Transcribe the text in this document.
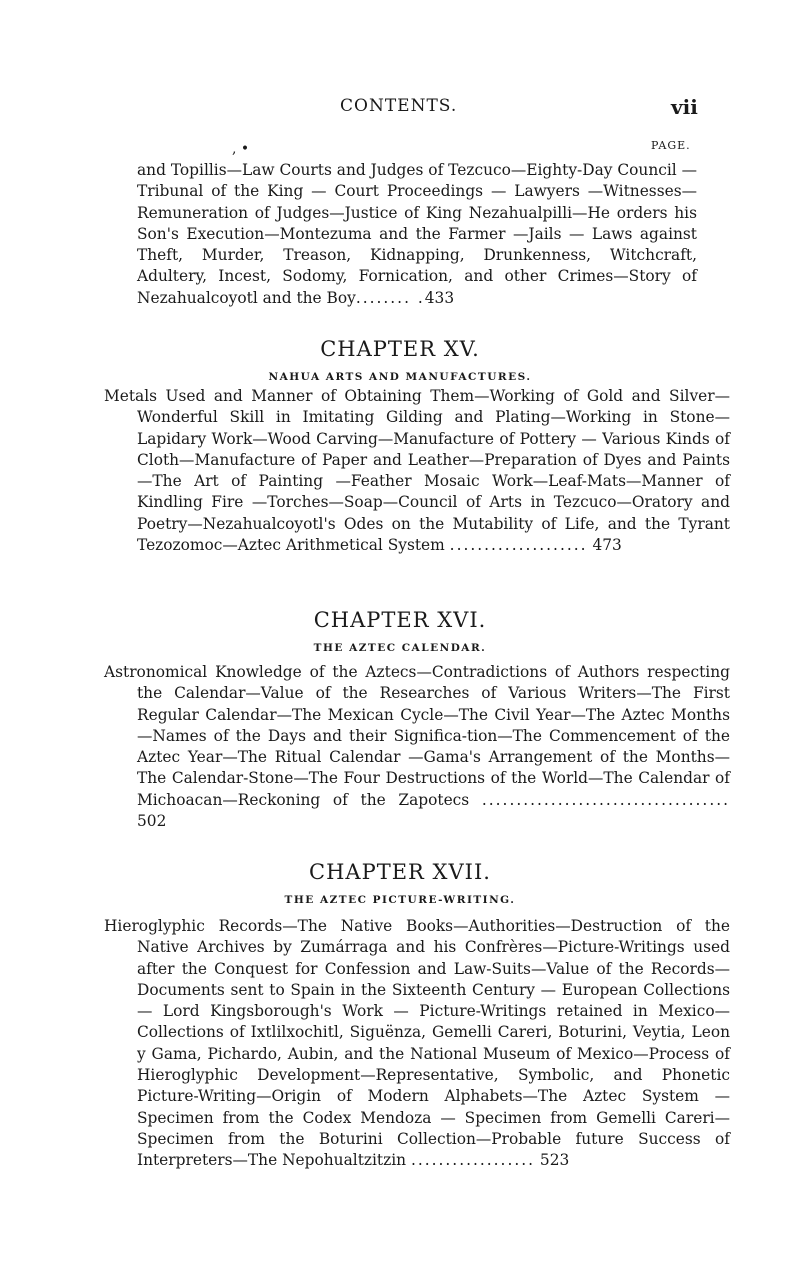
CONTENTS.	vii
, •	PAGE.
and Topillis—Law Courts and Judges of Tezcuco—Eighty-Day Council — Tribunal of the King — Court Proceedings — Lawyers —Witnesses—Remuneration of Judges—Justice of King Nezahualpilli—He orders his Son's Execution—Montezuma and the Farmer —Jails — Laws against Theft, Murder, Treason, Kidnapping, Drunkenness, Witchcraft, Adultery, Incest, Sodomy, Fornication, and other Crimes—Story of Nezahualcoyotl and the Boy........ .433
CHAPTER XV.
NAHUA ARTS AND MANUFACTURES.
Metals Used and Manner of Obtaining Them—Working of Gold and Silver—Wonderful Skill in Imitating Gilding and Plating—Working in Stone—Lapidary Work—Wood Carving—Manufacture of Pottery — Various Kinds of Cloth—Manufacture of Paper and Leather—Preparation of Dyes and Paints—The Art of Painting —Feather Mosaic Work—Leaf-Mats—Manner of Kindling Fire —Torches—Soap—Council of Arts in Tezcuco—Oratory and Poetry—Nezahualcoyotl's Odes on the Mutability of Life, and the Tyrant Tezozomoc—Aztec Arithmetical System .................... 473
CHAPTER XVI.
THE AZTEC CALENDAR.
Astronomical Knowledge of the Aztecs—Contradictions of Authors respecting the Calendar—Value of the Researches of Various Writers—The First Regular Calendar—The Mexican Cycle—The Civil Year—The Aztec Months—Names of the Days and their Significa-tion—The Commencement of the Aztec Year—The Ritual Calendar —Gama's Arrangement of the Months—The Calendar-Stone—The Four Destructions of the World—The Calendar of Michoacan—Reckoning of the Zapotecs .................................... 502
CHAPTER XVII.
THE AZTEC PICTURE-WRITING.
Hieroglyphic Records—The Native Books—Authorities—Destruction of the Native Archives by Zumárraga and his Confrères—Picture-Writings used after the Conquest for Confession and Law-Suits—Value of the Records—Documents sent to Spain in the Sixteenth Century — European Collections — Lord Kingsborough's Work — Picture-Writings retained in Mexico—Collections of Ixtlilxochitl, Siguënza, Gemelli Careri, Boturini, Veytia, Leon y Gama, Pichardo, Aubin, and the National Museum of Mexico—Process of Hieroglyphic Development—Representative, Symbolic, and Phonetic Picture-Writing—Origin of Modern Alphabets—The Aztec System —Specimen from the Codex Mendoza — Specimen from Gemelli Careri—Specimen from the Boturini Collection—Probable future Success of Interpreters—The Nepohualtzitzin .................. 523
